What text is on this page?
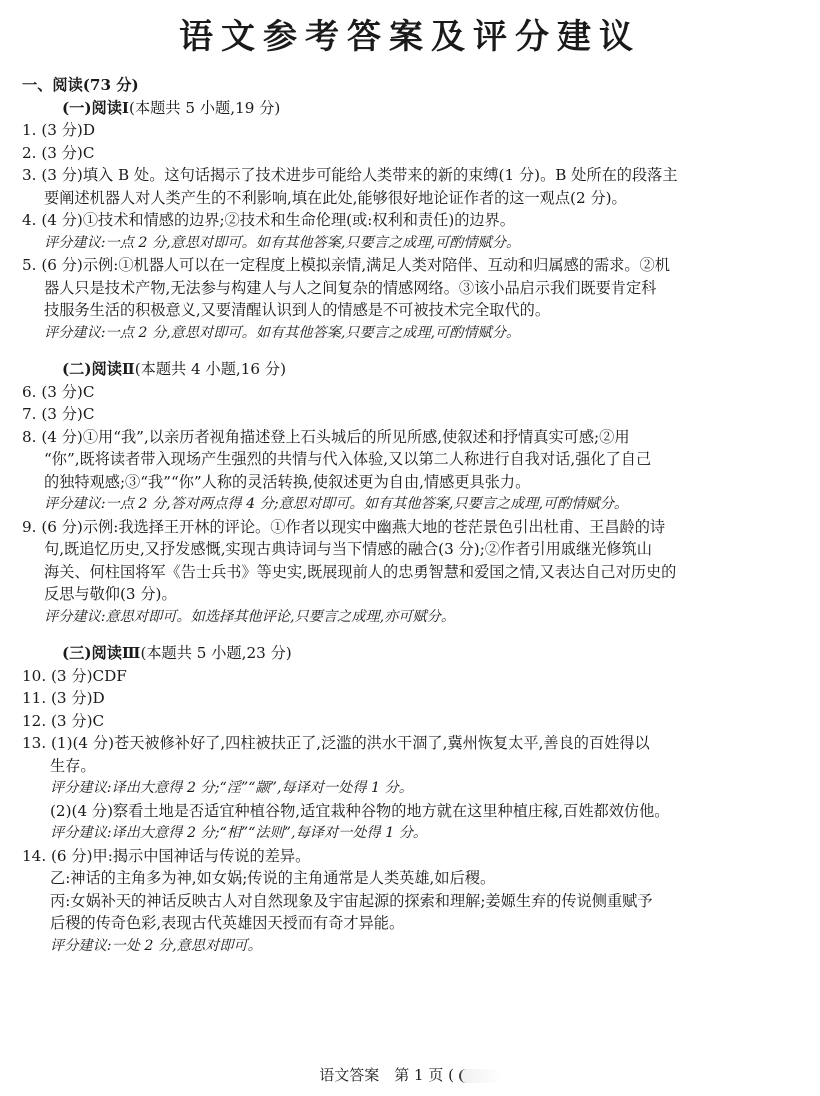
语文参考答案及评分建议
一、阅读(73 分)
(一)阅读Ⅰ(本题共 5 小题,19 分)
1. (3 分)D
2. (3 分)C
3. (3 分)填入 B 处。这句话揭示了技术进步可能给人类带来的新的束缚(1 分)。B 处所在的段落主
要阐述机器人对人类产生的不利影响,填在此处,能够很好地论证作者的这一观点(2 分)。
4. (4 分)①技术和情感的边界;②技术和生命伦理(或:权利和责任)的边界。
评分建议:一点 2 分,意思对即可。如有其他答案,只要言之成理,可酌情赋分。
5. (6 分)示例:①机器人可以在一定程度上模拟亲情,满足人类对陪伴、互动和归属感的需求。②机
器人只是技术产物,无法参与构建人与人之间复杂的情感网络。③该小品启示我们既要肯定科
技服务生活的积极意义,又要清醒认识到人的情感是不可被技术完全取代的。
评分建议:一点 2 分,意思对即可。如有其他答案,只要言之成理,可酌情赋分。
(二)阅读Ⅱ(本题共 4 小题,16 分)
6. (3 分)C
7. (3 分)C
8. (4 分)①用“我”,以亲历者视角描述登上石头城后的所见所感,使叙述和抒情真实可感;②用
“你”,既将读者带入现场产生强烈的共情与代入体验,又以第二人称进行自我对话,强化了自己
的独特观感;③“我”“你”人称的灵活转换,使叙述更为自由,情感更具张力。
评分建议:一点 2 分,答对两点得 4 分;意思对即可。如有其他答案,只要言之成理,可酌情赋分。
9. (6 分)示例:我选择王开林的评论。①作者以现实中幽燕大地的苍茫景色引出杜甫、王昌龄的诗
句,既追忆历史,又抒发感慨,实现古典诗词与当下情感的融合(3 分);②作者引用戚继光修筑山
海关、何柱国将军《告士兵书》等史实,既展现前人的忠勇智慧和爱国之情,又表达自己对历史的
反思与敬仰(3 分)。
评分建议:意思对即可。如选择其他评论,只要言之成理,亦可赋分。
(三)阅读Ⅲ(本题共 5 小题,23 分)
10. (3 分)CDF
11. (3 分)D
12. (3 分)C
13. (1)(4 分)苍天被修补好了,四柱被扶正了,泛滥的洪水干涸了,冀州恢复太平,善良的百姓得以
生存。
评分建议:译出大意得 2 分;“淫”“颛”,每译对一处得 1 分。
(2)(4 分)察看土地是否适宜种植谷物,适宜栽种谷物的地方就在这里种植庄稼,百姓都效仿他。
评分建议:译出大意得 2 分;“相”“法则”,每译对一处得 1 分。
14. (6 分)甲:揭示中国神话与传说的差异。
乙:神话的主角多为神,如女娲;传说的主角通常是人类英雄,如后稷。
丙:女娲补天的神话反映古人对自然现象及宇宙起源的探索和理解;姜嫄生弃的传说侧重赋予
后稷的传奇色彩,表现古代英雄因天授而有奇才异能。
评分建议:一处 2 分,意思对即可。
语文答案　第 1 页 (
